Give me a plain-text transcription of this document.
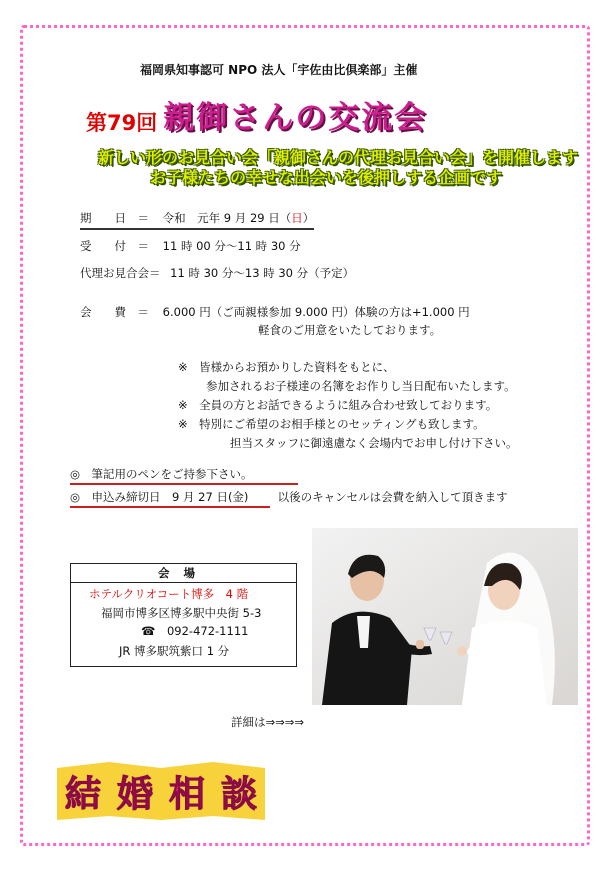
福岡県知事認可 NPO 法人「宇佐由比倶楽部」主催
第79回 親御さんの交流会
新しい形のお見合い会「親御さんの代理お見合い会」を開催します
お子様たちの幸せな出会いを後押しする企画です
期　　日　＝ 令和　元年 9 月 29 日（日）
受　　付　＝ 11 時 00 分～11 時 30 分
代理お見合会＝ 11 時 30 分～13 時 30 分（予定）
会　　費　＝ 6.000 円（ご両親様参加 9.000 円）体験の方は+1.000 円
軽食のご用意をいたしております。
※　皆様からお預かりした資料をもとに、
参加されるお子様達の名簿をお作りし当日配布いたします。
※　全員の方とお話できるように組み合わせ致しております。
※　特別にご希望のお相手様とのセッティングも致します。
担当スタッフに御遠慮なく会場内でお申し付け下さい。
◎　筆記用のペンをご持参下さい。
◎　申込み締切日　9 月 27 日(金)	以後のキャンセルは会費を納入して頂きます
会場
ホテルクリオコート博多　4 階
福岡市博多区博多駅中央街 5-3
☎ 092-472-1111
JR 博多駅筑紫口 1 分
詳細は⇒⇒⇒⇒
結 婚 相 談
